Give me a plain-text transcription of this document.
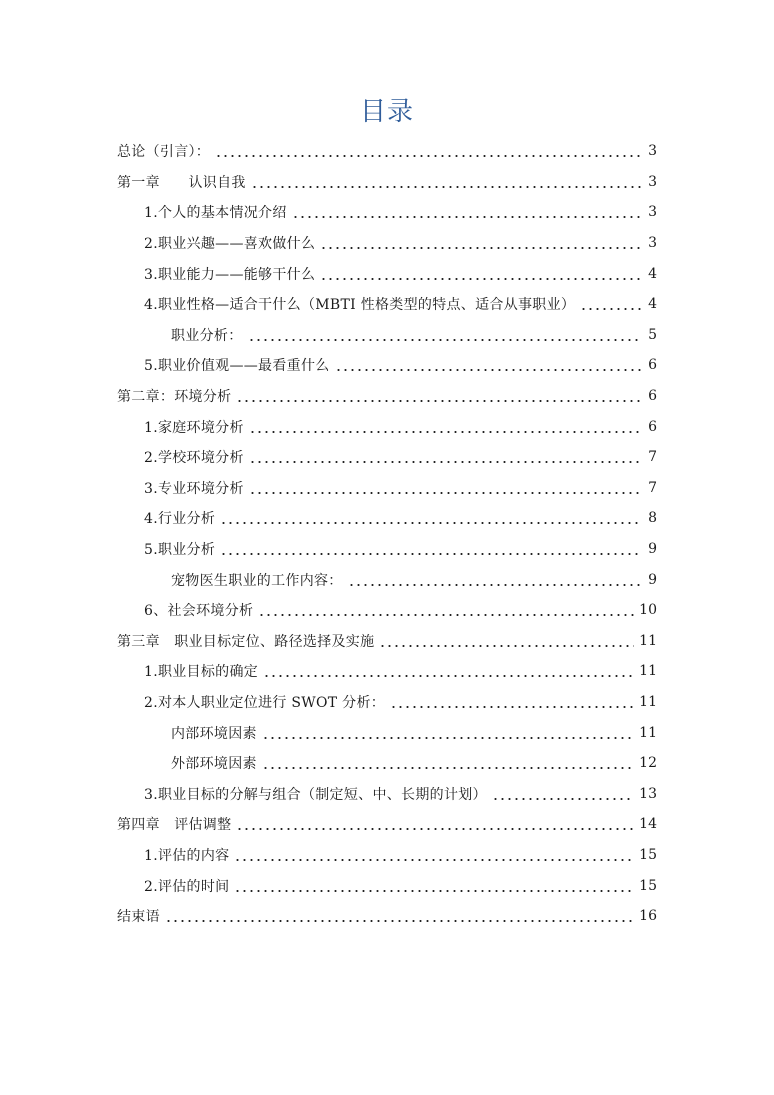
目录
总论（引言）：	3
第一章　　认识自我	3
1.个人的基本情况介绍	3
2.职业兴趣——喜欢做什么	3
3.职业能力——能够干什么	4
4.职业性格—适合干什么（MBTI 性格类型的特点、适合从事职业）	4
职业分析：	5
5.职业价值观——最看重什么	6
第二章：环境分析	6
1.家庭环境分析	6
2.学校环境分析	7
3.专业环境分析	7
4.行业分析	8
5.职业分析	9
宠物医生职业的工作内容：	9
6、社会环境分析	10
第三章　职业目标定位、路径选择及实施	11
1.职业目标的确定	11
2.对本人职业定位进行 SWOT 分析：	11
内部环境因素	11
外部环境因素	12
3.职业目标的分解与组合（制定短、中、长期的计划）	13
第四章　评估调整	14
1.评估的内容	15
2.评估的时间	15
结束语	16
